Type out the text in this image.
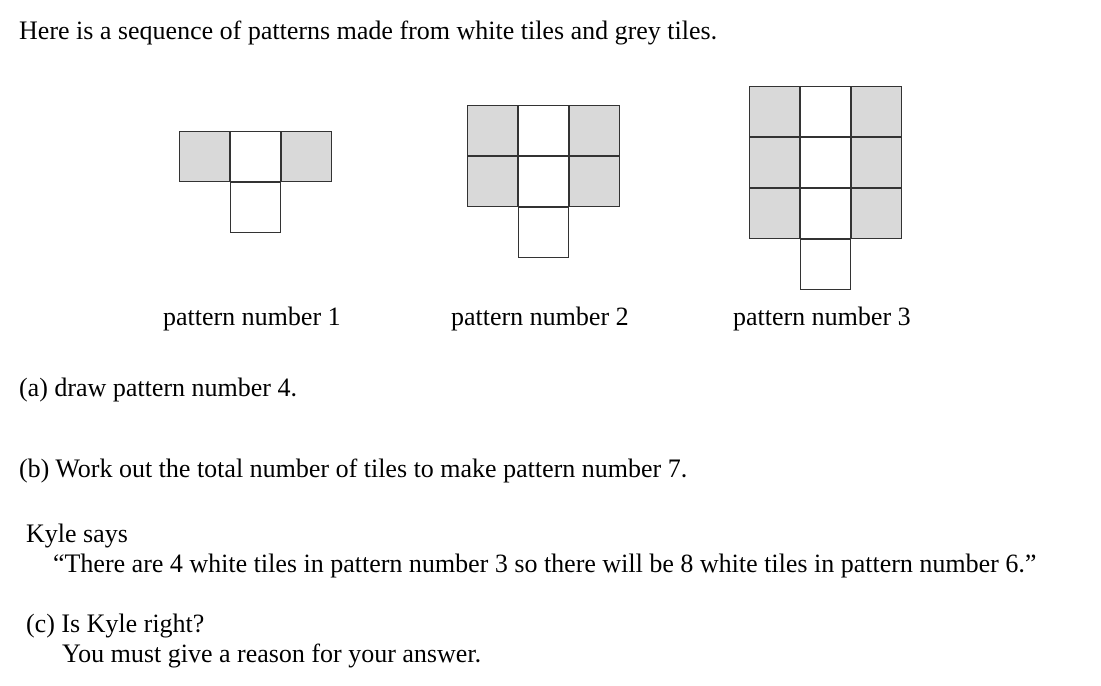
Here is a sequence of patterns made from white tiles and grey tiles.
pattern number 1	pattern number 2	pattern number 3
(a) draw pattern number 4.
(b) Work out the total number of tiles to make pattern number 7.
Kyle says
“There are 4 white tiles in pattern number 3 so there will be 8 white tiles in pattern number 6.”
(c) Is Kyle right?
You must give a reason for your answer.
